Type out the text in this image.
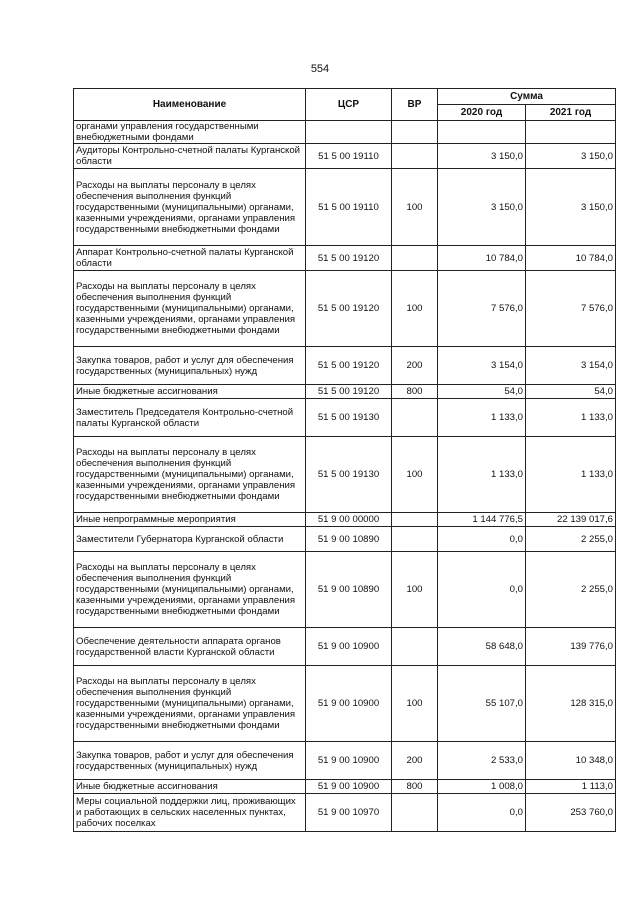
554
Наименование	ЦСР	ВР	Сумма	
			2020 год	2021 год
органами управления государственными внебюджетными фондами				
Аудиторы Контрольно-счетной палаты Курганской области	51 5 00 19110		3 150,0	3 150,0
Расходы на выплаты персоналу в целях обеспечения выполнения функций государственными (муниципальными) органами, казенными учреждениями, органами управления государственными внебюджетными фондами	51 5 00 19110	100	3 150,0	3 150,0
Аппарат Контрольно-счетной палаты Курганской области	51 5 00 19120		10 784,0	10 784,0
Расходы на выплаты персоналу в целях обеспечения выполнения функций государственными (муниципальными) органами, казенными учреждениями, органами управления государственными внебюджетными фондами	51 5 00 19120	100	7 576,0	7 576,0
Закупка товаров, работ и услуг для обеспечения государственных (муниципальных) нужд	51 5 00 19120	200	3 154,0	3 154,0
Иные бюджетные ассигнования	51 5 00 19120	800	54,0	54,0
Заместитель Председателя Контрольно-счетной палаты Курганской области	51 5 00 19130		1 133,0	1 133,0
Расходы на выплаты персоналу в целях обеспечения выполнения функций государственными (муниципальными) органами, казенными учреждениями, органами управления государственными внебюджетными фондами	51 5 00 19130	100	1 133,0	1 133,0
Иные непрограммные мероприятия	51 9 00 00000		1 144 776,5	22 139 017,6
Заместители Губернатора Курганской области	51 9 00 10890		0,0	2 255,0
Расходы на выплаты персоналу в целях обеспечения выполнения функций государственными (муниципальными) органами, казенными учреждениями, органами управления государственными внебюджетными фондами	51 9 00 10890	100	0,0	2 255,0
Обеспечение деятельности аппарата органов государственной власти Курганской области	51 9 00 10900		58 648,0	139 776,0
Расходы на выплаты персоналу в целях обеспечения выполнения функций государственными (муниципальными) органами, казенными учреждениями, органами управления государственными внебюджетными фондами	51 9 00 10900	100	55 107,0	128 315,0
Закупка товаров, работ и услуг для обеспечения государственных (муниципальных) нужд	51 9 00 10900	200	2 533,0	10 348,0
Иные бюджетные ассигнования	51 9 00 10900	800	1 008,0	1 113,0
Меры социальной поддержки лиц, проживающих и работающих в сельских населенных пунктах, рабочих поселках	51 9 00 10970		0,0	253 760,0
